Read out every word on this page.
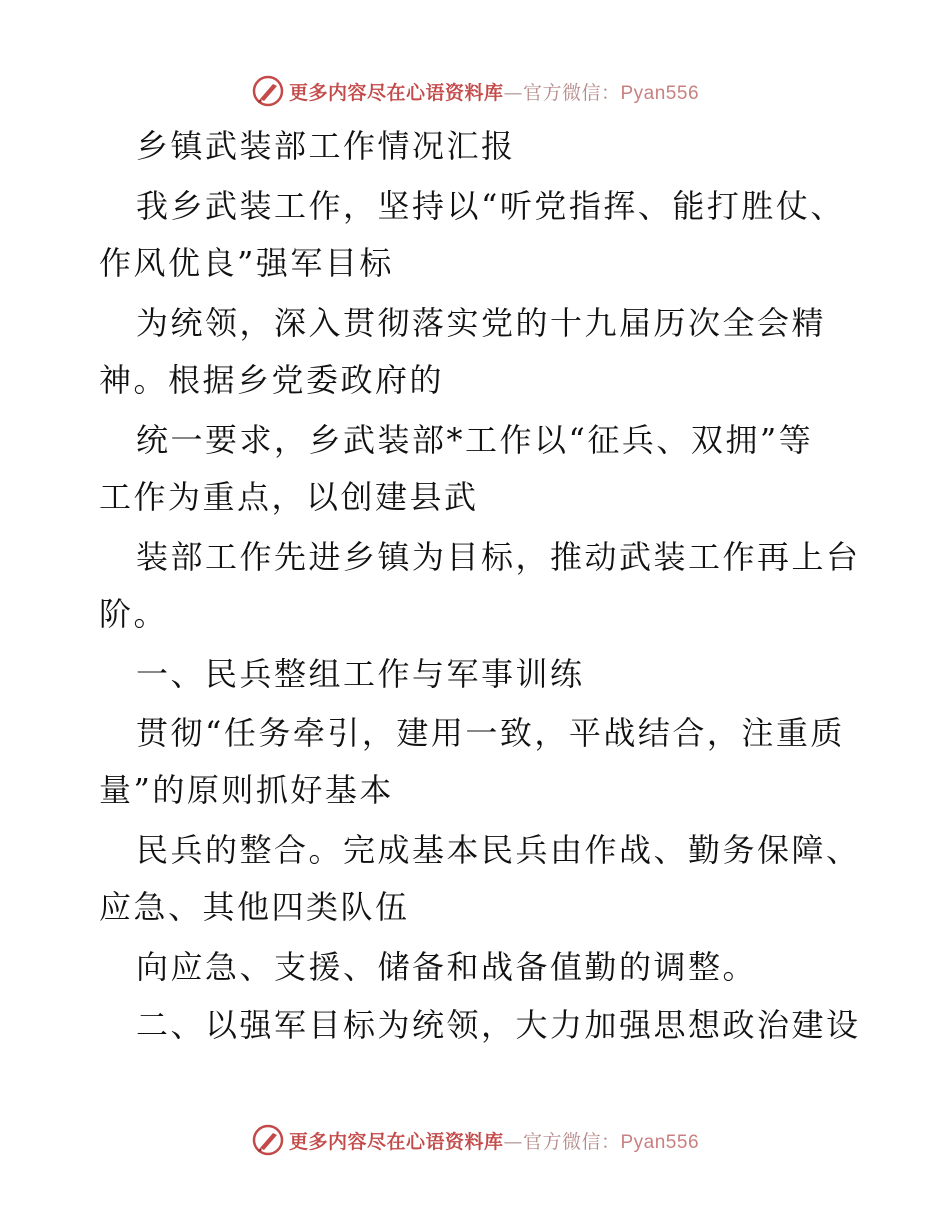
更多内容尽在心语资料库—官方微信：Pyan556
乡镇武装部工作情况汇报
我乡武装工作，坚持以“听党指挥、能打胜仗、
作风优良”强军目标
为统领，深入贯彻落实党的十九届历次全会精
神。根据乡党委政府的
统一要求，乡武装部*工作以“征兵、双拥”等
工作为重点，以创建县武
装部工作先进乡镇为目标，推动武装工作再上台
阶。
一、民兵整组工作与军事训练
贯彻“任务牵引，建用一致，平战结合，注重质
量”的原则抓好基本
民兵的整合。完成基本民兵由作战、勤务保障、
应急、其他四类队伍
向应急、支援、储备和战备值勤的调整。
二、以强军目标为统领，大力加强思想政治建设
更多内容尽在心语资料库—官方微信：Pyan556
